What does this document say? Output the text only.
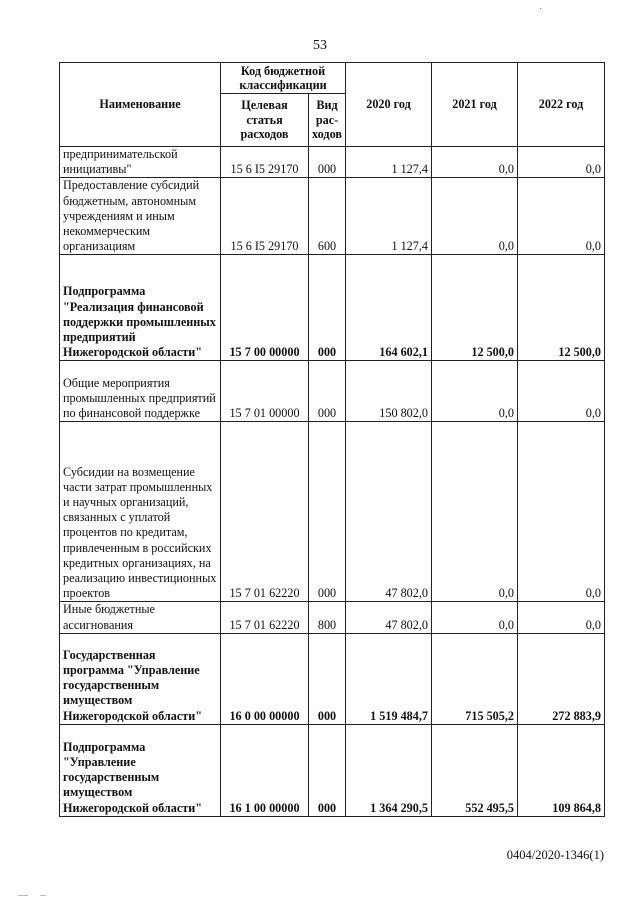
53
Наименование	Код бюджетной классификации		2020 год	2021 год	2022 год
	Целевая статья расходов	Вид рас-ходов			
предпринимательской инициативы"	15 6 I5 29170	000	1 127,4	0,0	0,0
Предоставление субсидий бюджетным, автономным учреждениям и иным некоммерческим организациям	15 6 I5 29170	600	1 127,4	0,0	0,0
Подпрограмма "Реализация финансовой поддержки промышленных предприятий Нижегородской области"	15 7 00 00000	000	164 602,1	12 500,0	12 500,0
Общие мероприятия промышленных предприятий по финансовой поддержке	15 7 01 00000	000	150 802,0	0,0	0,0
Субсидии на возмещение части затрат промышленных и научных организаций, связанных с уплатой процентов по кредитам, привлеченным в российских кредитных организациях, на реализацию инвестиционных проектов	15 7 01 62220	000	47 802,0	0,0	0,0
Иные бюджетные ассигнования	15 7 01 62220	800	47 802,0	0,0	0,0
Государственная программа "Управление государственным имуществом Нижегородской области"	16 0 00 00000	000	1 519 484,7	715 505,2	272 883,9
Подпрограмма "Управление государственным имуществом Нижегородской области"	16 1 00 00000	000	1 364 290,5	552 495,5	109 864,8
0404/2020-1346(1)
